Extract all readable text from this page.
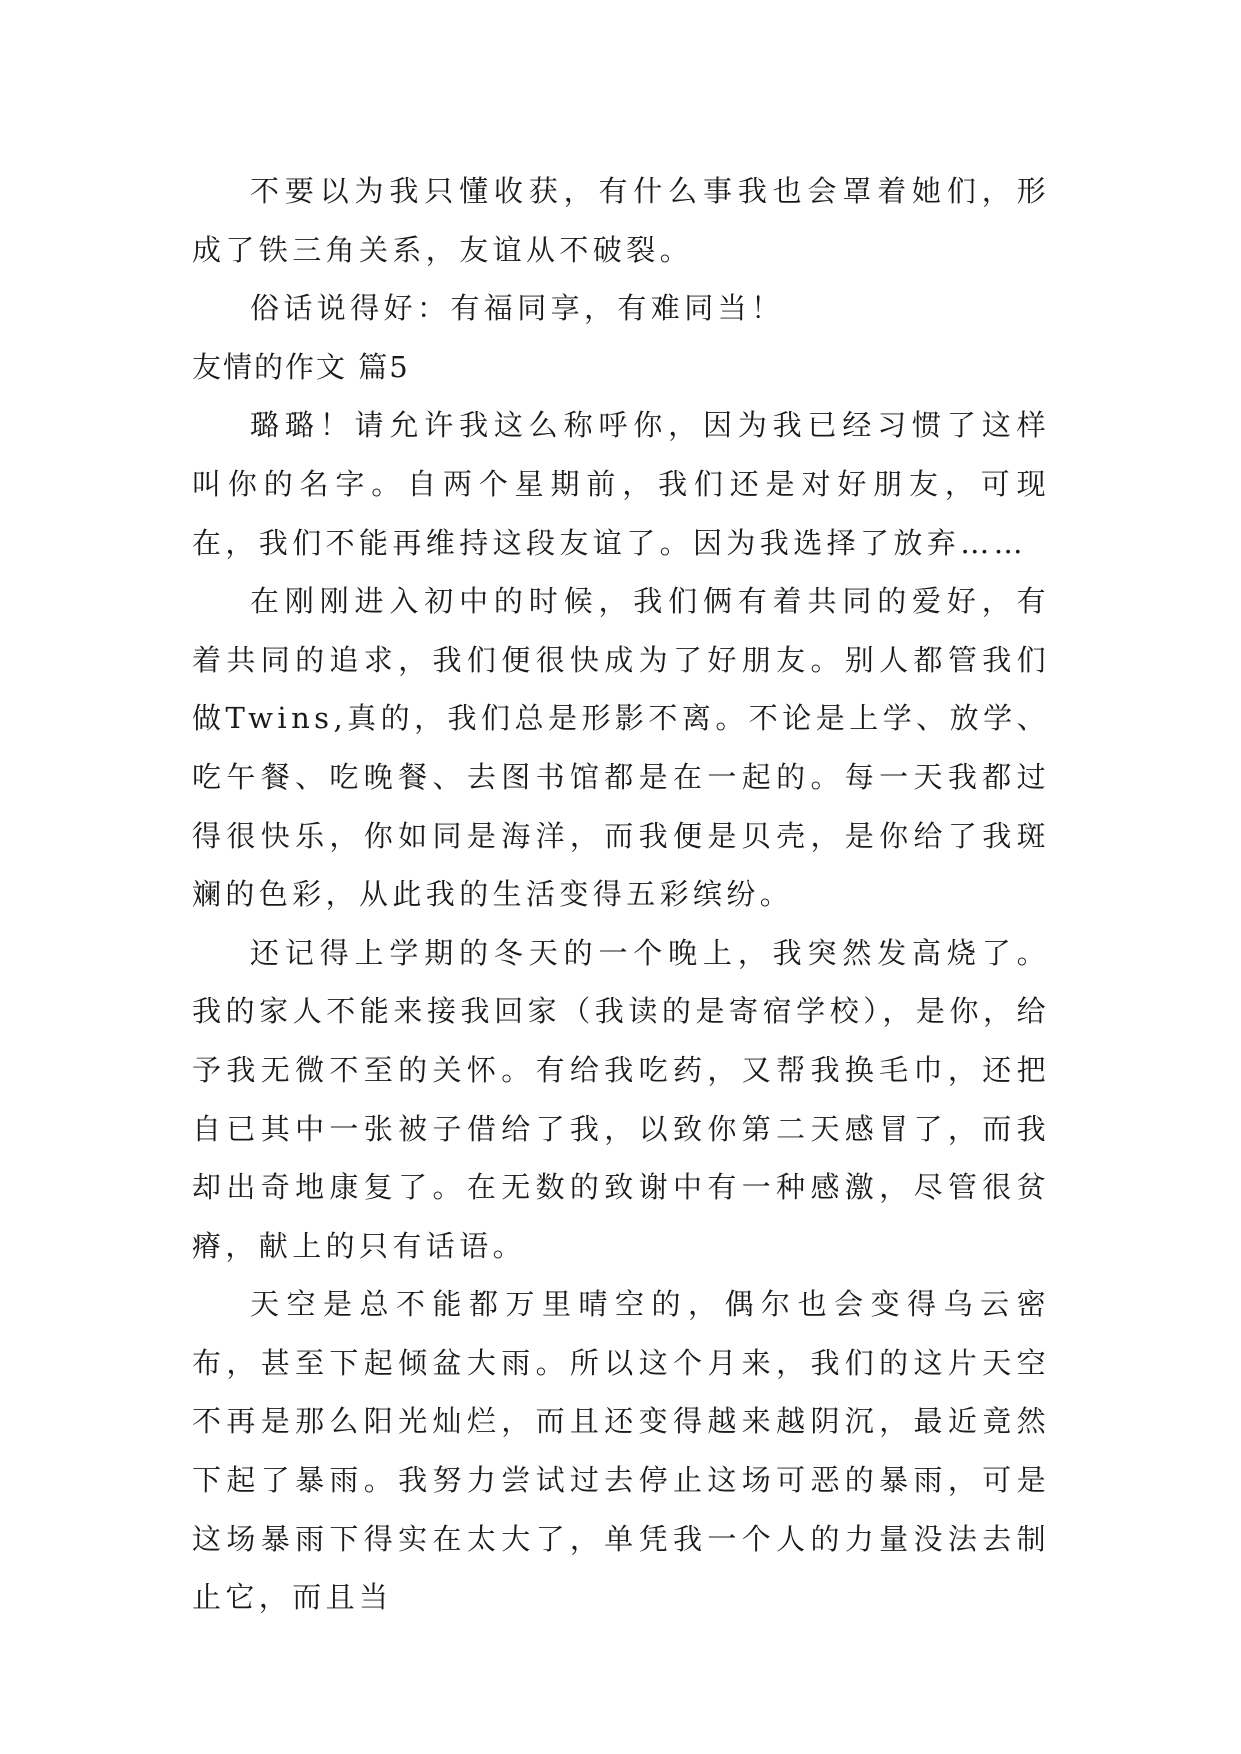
不要以为我只懂收获，有什么事我也会罩着她们，形成了铁三角关系，友谊从不破裂。

俗话说得好：有福同享，有难同当！

友情的作文 篇5

璐璐！请允许我这么称呼你，因为我已经习惯了这样叫你的名字。自两个星期前，我们还是对好朋友，可现在，我们不能再维持这段友谊了。因为我选择了放弃……

在刚刚进入初中的时候，我们俩有着共同的爱好，有着共同的追求，我们便很快成为了好朋友。别人都管我们做Twins,真的，我们总是形影不离。不论是上学、放学、吃午餐、吃晚餐、去图书馆都是在一起的。每一天我都过得很快乐，你如同是海洋，而我便是贝壳，是你给了我斑斓的色彩，从此我的生活变得五彩缤纷。

还记得上学期的冬天的一个晚上，我突然发高烧了。我的家人不能来接我回家（我读的是寄宿学校），是你，给予我无微不至的关怀。有给我吃药，又帮我换毛巾，还把自已其中一张被子借给了我，以致你第二天感冒了，而我却出奇地康复了。在无数的致谢中有一种感激，尽管很贫瘠，献上的只有话语。

天空是总不能都万里晴空的，偶尔也会变得乌云密布，甚至下起倾盆大雨。所以这个月来，我们的这片天空不再是那么阳光灿烂，而且还变得越来越阴沉，最近竟然下起了暴雨。我努力尝试过去停止这场可恶的暴雨，可是这场暴雨下得实在太大了，单凭我一个人的力量没法去制止它，而且当
